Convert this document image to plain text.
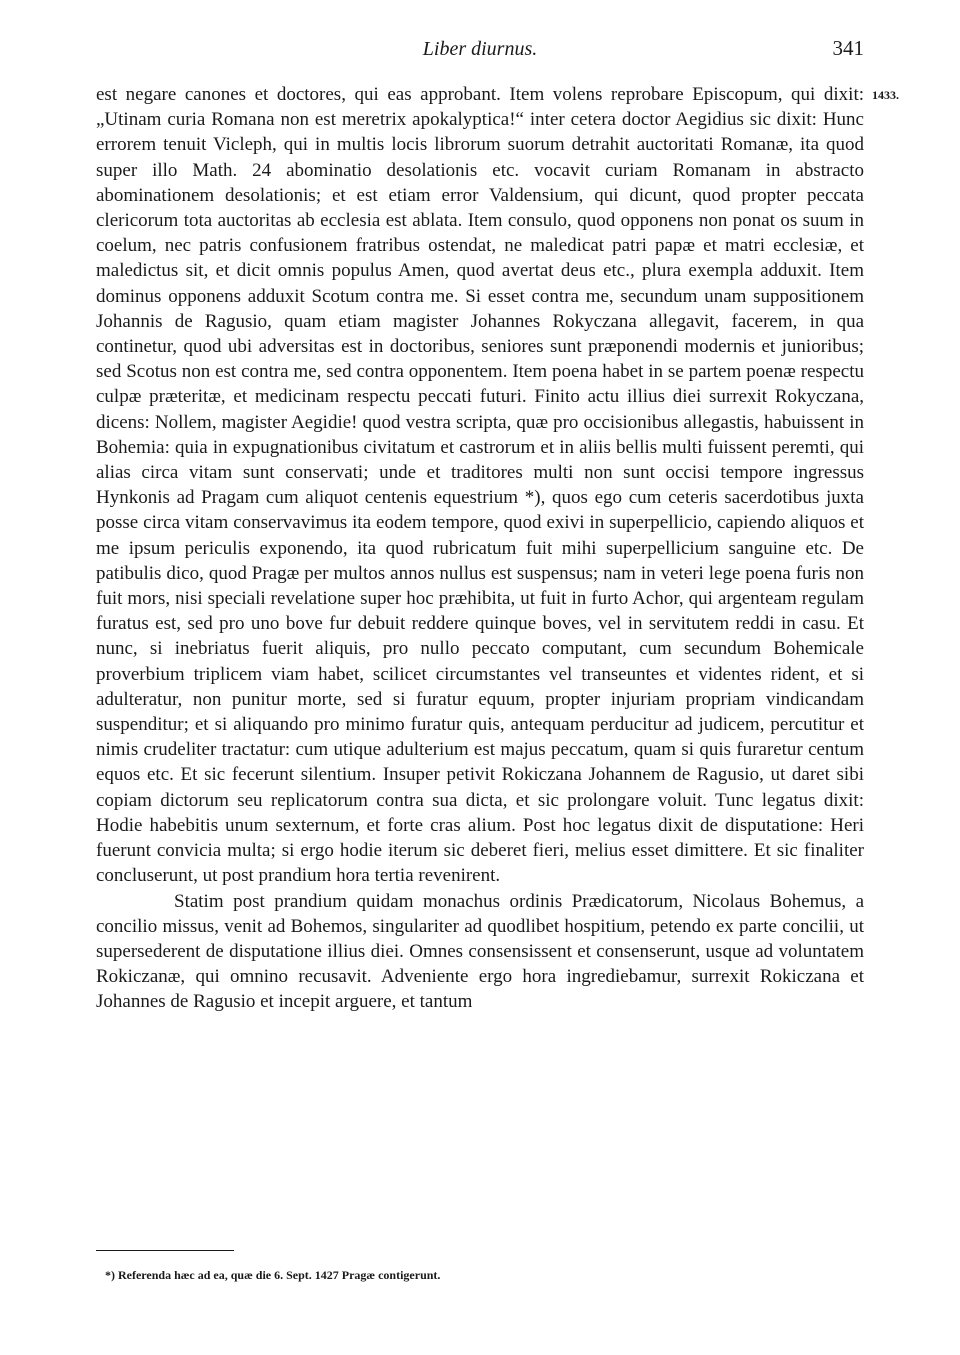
Liber diurnus.	341
1433.

est negare canones et doctores, qui eas approbant. Item volens reprobare Episcopum, qui dixit: „Utinam curia Romana non est meretrix apokalyptica!“ inter cetera doctor Aegidius sic dixit: Hunc errorem tenuit Vicleph, qui in multis locis librorum suorum detrahit auctoritati Romanæ, ita quod super illo Math. 24 abominatio desolationis etc. vocavit curiam Romanam in abstracto abominationem desolationis; et est etiam error Valdensium, qui dicunt, quod propter peccata clericorum tota auctoritas ab ecclesia est ablata. Item consulo, quod opponens non ponat os suum in coelum, nec patris confusionem fratribus ostendat, ne maledicat patri papæ et matri ecclesiæ, et maledictus sit, et dicit omnis populus Amen, quod avertat deus etc., plura exempla adduxit. Item dominus opponens adduxit Scotum contra me. Si esset contra me, secundum unam suppositionem Johannis de Ragusio, quam etiam magister Johannes Rokyczana allegavit, facerem, in qua continetur, quod ubi adversitas est in doctoribus, seniores sunt præponendi modernis et junioribus; sed Scotus non est contra me, sed contra opponentem. Item poena habet in se partem poenæ respectu culpæ præteritæ, et medicinam respectu peccati futuri. Finito actu illius diei surrexit Rokyczana, dicens: Nollem, magister Aegidie! quod vestra scripta, quæ pro occisionibus allegastis, habuissent in Bohemia: quia in expugnationibus civitatum et castrorum et in aliis bellis multi fuissent peremti, qui alias circa vitam sunt conservati; unde et traditores multi non sunt occisi tempore ingressus Hynkonis ad Pragam cum aliquot centenis equestrium *), quos ego cum ceteris sacerdotibus juxta posse circa vitam conservavimus ita eodem tempore, quod exivi in superpellicio, capiendo aliquos et me ipsum periculis exponendo, ita quod rubricatum fuit mihi superpellicium sanguine etc. De patibulis dico, quod Pragæ per multos annos nullus est suspensus; nam in veteri lege poena furis non fuit mors, nisi speciali revelatione super hoc præhibita, ut fuit in furto Achor, qui argenteam regulam furatus est, sed pro uno bove fur debuit reddere quinque boves, vel in servitutem reddi in casu. Et nunc, si inebriatus fuerit aliquis, pro nullo peccato computant, cum secundum Bohemicale proverbium triplicem viam habet, scilicet circumstantes vel transeuntes et videntes rident, et si adulteratur, non punitur morte, sed si furatur equum, propter injuriam propriam vindicandam suspenditur; et si aliquando pro minimo furatur quis, antequam perducitur ad judicem, percutitur et nimis crudeliter tractatur: cum utique adulterium est majus peccatum, quam si quis furaretur centum equos etc. Et sic fecerunt silentium. Insuper petivit Rokiczana Johannem de Ragusio, ut daret sibi copiam dictorum seu replicatorum contra sua dicta, et sic prolongare voluit. Tunc legatus dixit: Hodie habebitis unum sexternum, et forte cras alium. Post hoc legatus dixit de disputatione: Heri fuerunt convicia multa; si ergo hodie iterum sic deberet fieri, melius esset dimittere. Et sic finaliter concluserunt, ut post prandium hora tertia revenirent.

Statim post prandium quidam monachus ordinis Prædicatorum, Nicolaus Bohemus, a concilio missus, venit ad Bohemos, singulariter ad quodlibet hospitium, petendo ex parte concilii, ut supersederent de disputatione illius diei. Omnes consensissent et consenserunt, usque ad voluntatem Rokiczanæ, qui omnino recusavit. Adveniente ergo hora ingrediebamur, surrexit Rokiczana et Johannes de Ragusio et incepit arguere, et tantum

*) Referenda hæc ad ea, quæ die 6. Sept. 1427 Pragæ contigerunt.
